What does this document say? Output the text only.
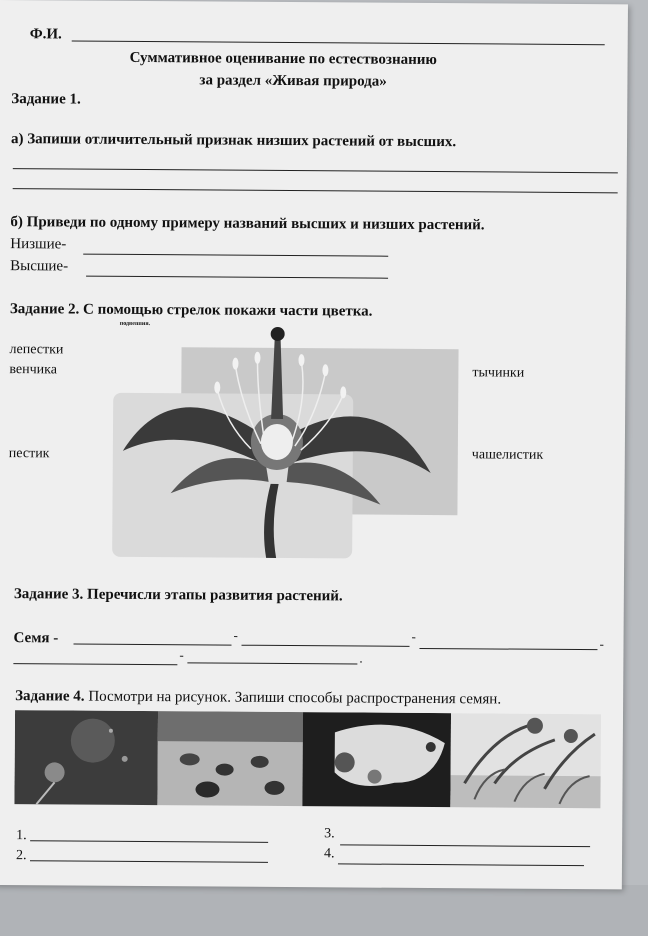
Ф.И.
Суммативное оценивание по естествознанию
за раздел «Живая природа»
Задание 1.
а) Запиши отличительный признак низших растений от высших.
б) Приведи по одному примеру названий высших и низших растений.
Низшие-
Высшие-
Задание 2. С помощью стрелок покажи части цветка.
подвеппия.
лепестки
венчика	тычинки
пестик	чашелистик
Задание 3. Перечисли этапы развития растений.
Семя -	-	-	-
-	.
Задание 4. Посмотри на рисунок. Запиши способы распространения семян.
1.
2.
3.
4.
